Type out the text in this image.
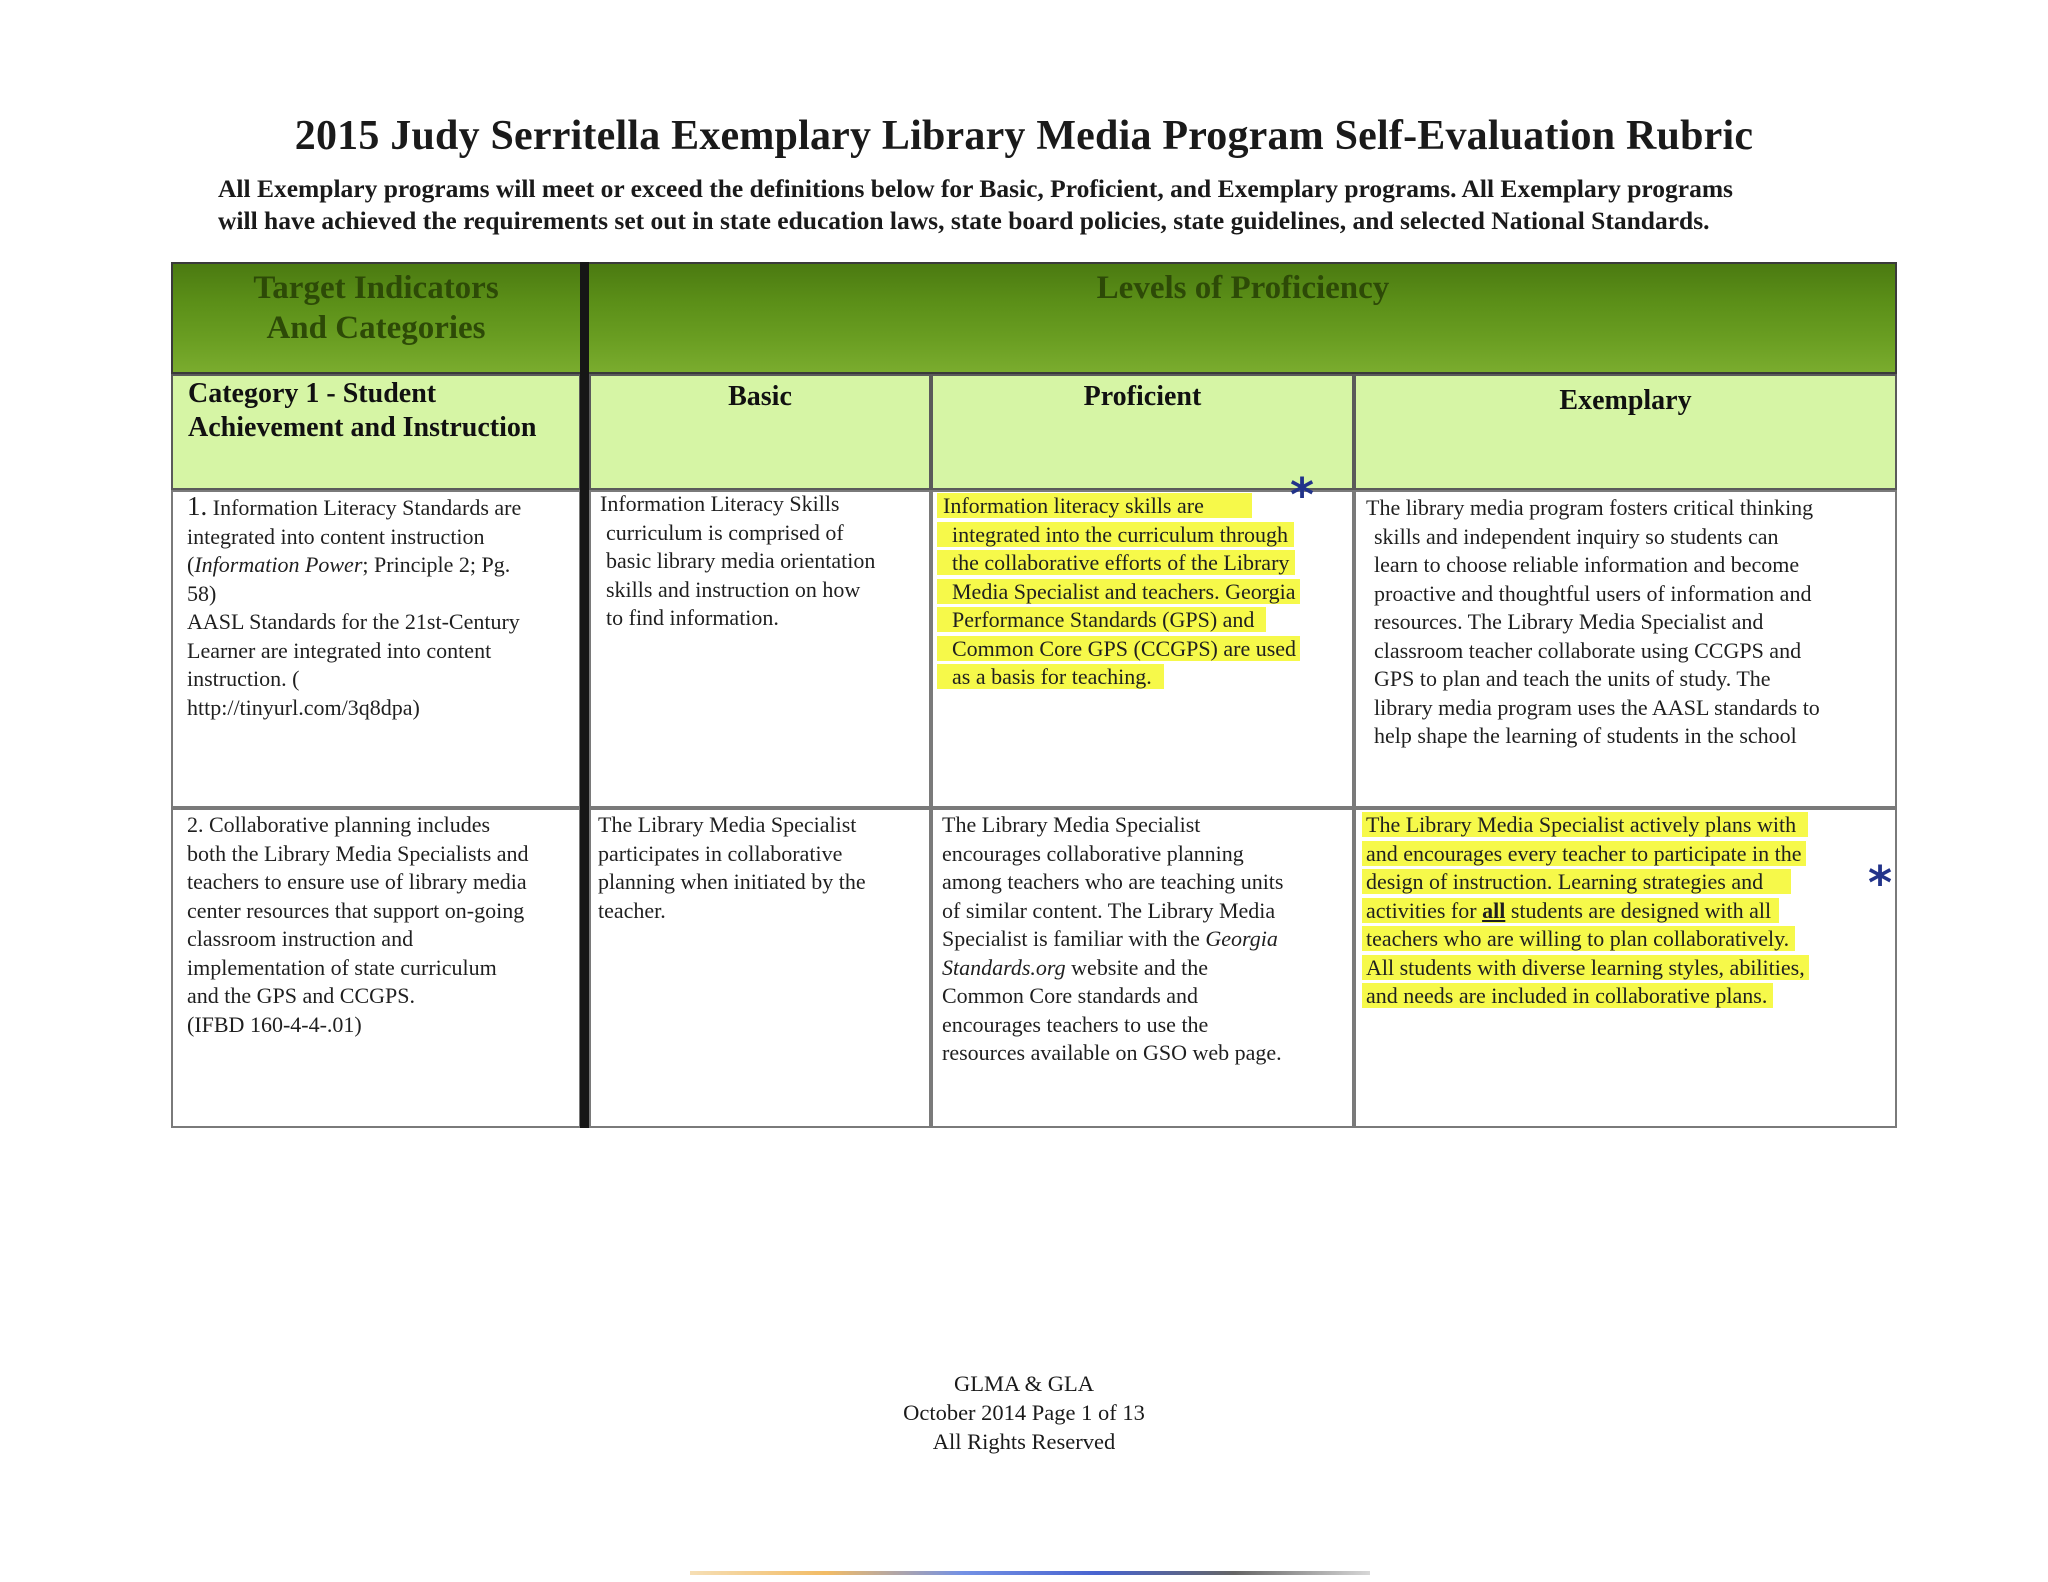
2015 Judy Serritella Exemplary Library Media Program Self-Evaluation Rubric
All Exemplary programs will meet or exceed the definitions below for Basic, Proficient, and Exemplary programs. All Exemplary programs
will have achieved the requirements set out in state education laws, state board policies, state guidelines, and selected National Standards.
Target Indicators
And Categories
Levels of Proficiency
Category 1 - Student
Achievement and Instruction
Basic	Proficient	Exemplary
1. Information Literacy Standards are
integrated into content instruction
(Information Power; Principle 2; Pg.
58)
AASL Standards for the 21st-Century
Learner are integrated into content
instruction. (
http://tinyurl.com/3q8dpa)
Information Literacy Skills
curriculum is comprised of
basic library media orientation
skills and instruction on how
to find information.
Information literacy skills are
integrated into the curriculum through
the collaborative efforts of the Library
Media Specialist and teachers. Georgia
Performance Standards (GPS) and
Common Core GPS (CCGPS) are used
as a basis for teaching.
The library media program fosters critical thinking
skills and independent inquiry so students can
learn to choose reliable information and become
proactive and thoughtful users of information and
resources. The Library Media Specialist and
classroom teacher collaborate using CCGPS and
GPS to plan and teach the units of study. The
library media program uses the AASL standards to
help shape the learning of students in the school
2. Collaborative planning includes
both the Library Media Specialists and
teachers to ensure use of library media
center resources that support on-going
classroom instruction and
implementation of state curriculum
and the GPS and CCGPS.
(IFBD 160-4-4-.01)
The Library Media Specialist
participates in collaborative
planning when initiated by the
teacher.
The Library Media Specialist
encourages collaborative planning
among teachers who are teaching units
of similar content. The Library Media
Specialist is familiar with the Georgia
Standards.org website and the
Common Core standards and
encourages teachers to use the
resources available on GSO web page.
The Library Media Specialist actively plans with
and encourages every teacher to participate in the
design of instruction. Learning strategies and
activities for all students are designed with all
teachers who are willing to plan collaboratively.
All students with diverse learning styles, abilities,
and needs are included in collaborative plans.
*
*
GLMA & GLA
October 2014 Page 1 of 13
All Rights Reserved
